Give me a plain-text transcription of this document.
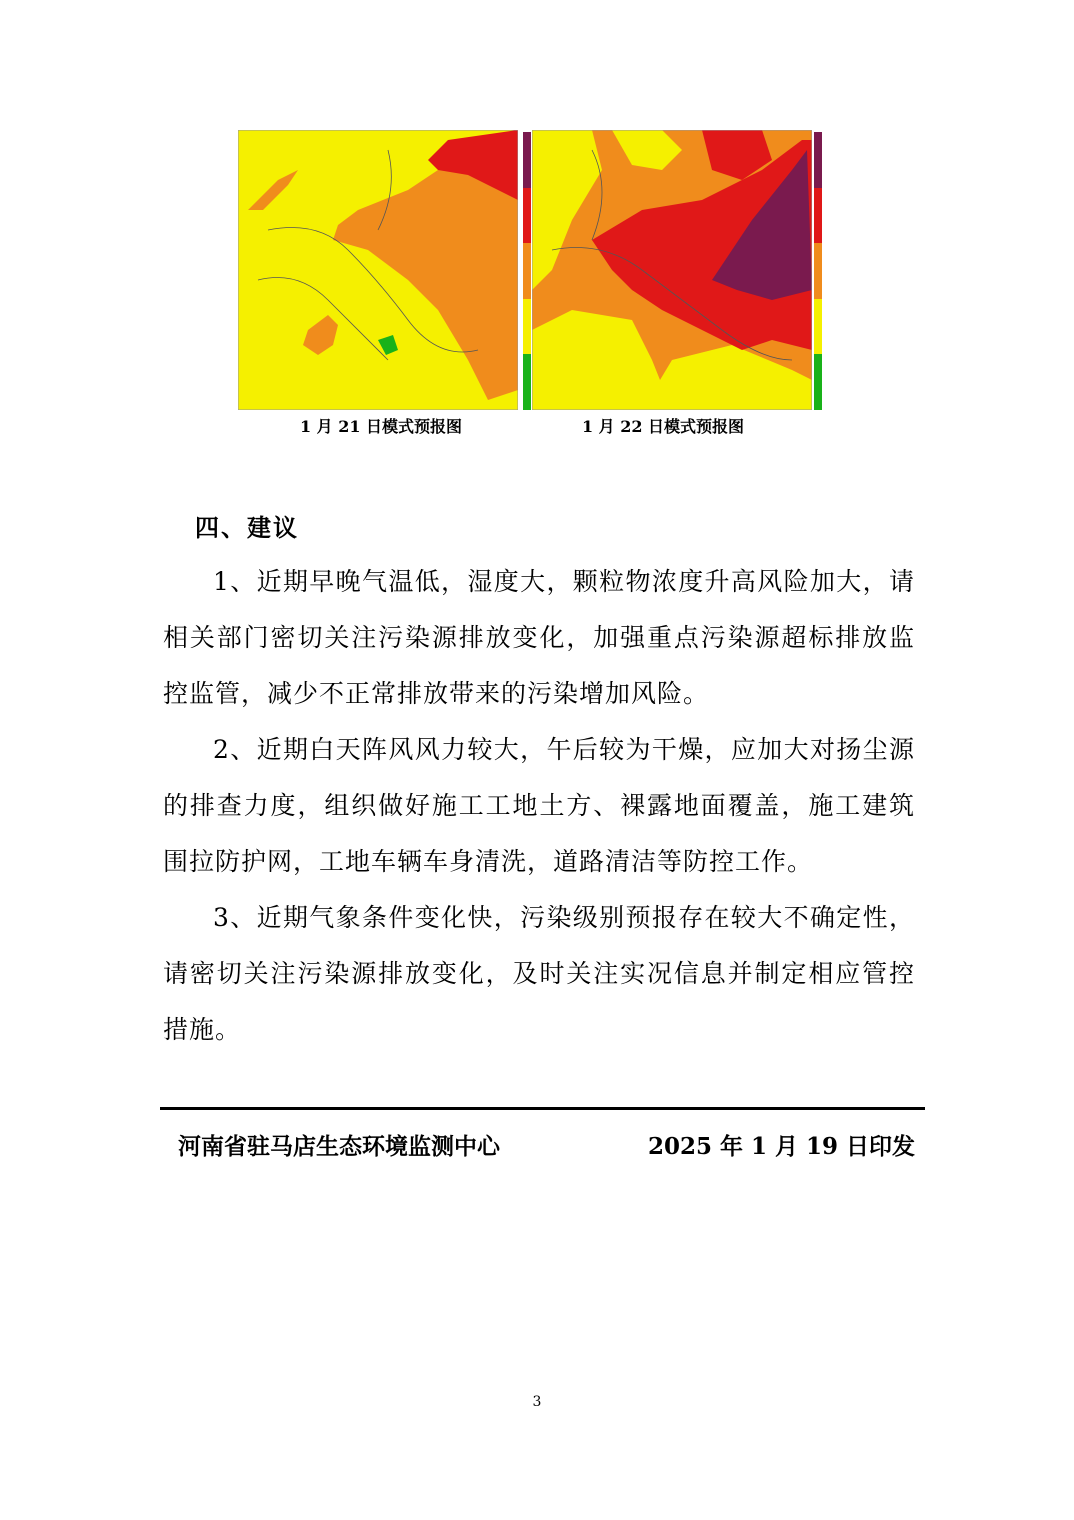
1 月 21 日模式预报图	1 月 22 日模式预报图
四、建议
1、近期早晚气温低，湿度大，颗粒物浓度升高风险加大，请相关部门密切关注污染源排放变化，加强重点污染源超标排放监控监管，减少不正常排放带来的污染增加风险。
2、近期白天阵风风力较大，午后较为干燥，应加大对扬尘源的排查力度，组织做好施工工地土方、裸露地面覆盖，施工建筑围拉防护网，工地车辆车身清洗，道路清洁等防控工作。
3、近期气象条件变化快，污染级别预报存在较大不确定性，请密切关注污染源排放变化，及时关注实况信息并制定相应管控措施。
河南省驻马店生态环境监测中心	2025 年 1 月 19 日印发
3
